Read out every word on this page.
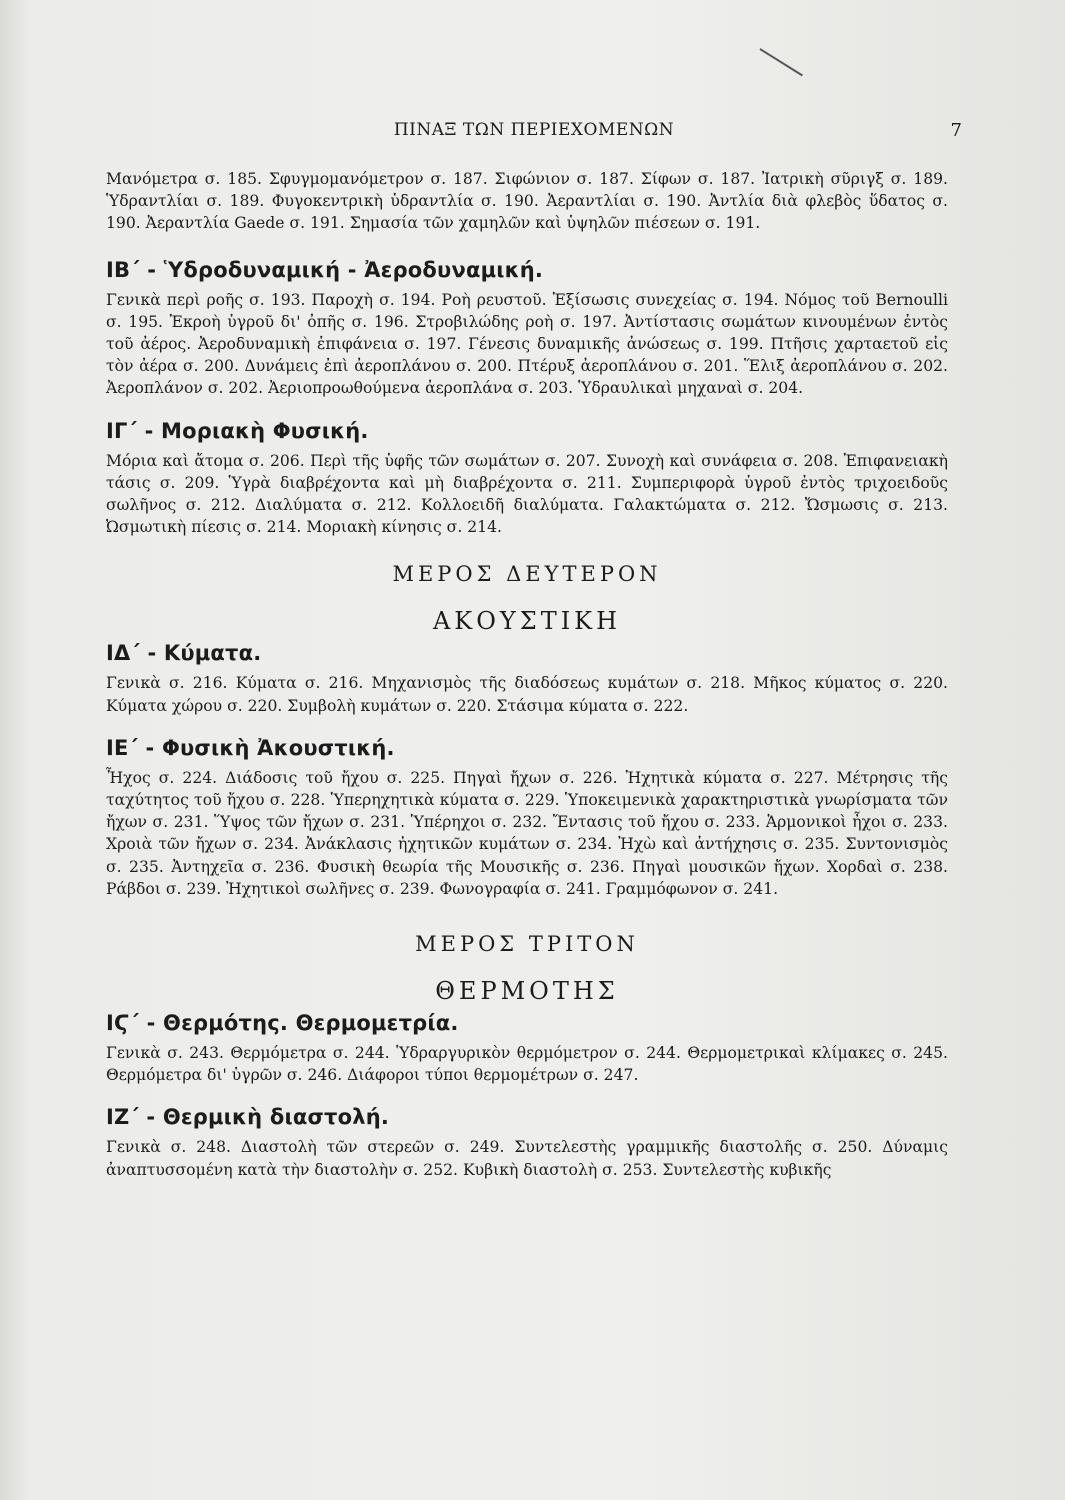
ΠΙΝΑΞ ΤΩΝ ΠΕΡΙΕΧΟΜΕΝΩΝ	7

Μανόμετρα σ. 185. Σφυγμομανόμετρον σ. 187. Σιφώνιον σ. 187. Σίφων σ. 187. Ἰατρικὴ σῦριγξ σ. 189. Ὑδραντλίαι σ. 189. Φυγοκεντρικὴ ὑδραντλία σ. 190. Ἀεραντλίαι σ. 190. Ἀντλία διὰ φλεβὸς ὕδατος σ. 190. Ἀεραντλία Gaede σ. 191. Σημασία τῶν χαμηλῶν καὶ ὑψηλῶν πιέσεων σ. 191.

ΙΒ΄ - Ὑδροδυναμική - Ἀεροδυναμική.

Γενικὰ περὶ ροῆς σ. 193. Παροχὴ σ. 194. Ροὴ ρευστοῦ. Ἐξίσωσις συνεχείας σ. 194. Νόμος τοῦ Bernoulli σ. 195. Ἐκροὴ ὑγροῦ δι' ὀπῆς σ. 196. Στροβιλώδης ροὴ σ. 197. Ἀντίστασις σωμάτων κινουμένων ἐντὸς τοῦ ἀέρος. Ἀεροδυναμικὴ ἐπιφάνεια σ. 197. Γένεσις δυναμικῆς ἀνώσεως σ. 199. Πτῆσις χαρταετοῦ εἰς τὸν ἀέρα σ. 200. Δυνάμεις ἐπὶ ἀεροπλάνου σ. 200. Πτέρυξ ἀεροπλάνου σ. 201. Ἕλιξ ἀεροπλάνου σ. 202. Ἀεροπλάνον σ. 202. Ἀεριοπροωθούμενα ἀεροπλάνα σ. 203. Ὑδραυλικαὶ μηχαναὶ σ. 204.

ΙΓ΄ - Μοριακὴ Φυσική.

Μόρια καὶ ἄτομα σ. 206. Περὶ τῆς ὑφῆς τῶν σωμάτων σ. 207. Συνοχὴ καὶ συνάφεια σ. 208. Ἐπιφανειακὴ τάσις σ. 209. Ὑγρὰ διαβρέχοντα καὶ μὴ διαβρέχοντα σ. 211. Συμπεριφορὰ ὑγροῦ ἐντὸς τριχοειδοῦς σωλῆνος σ. 212. Διαλύματα σ. 212. Κολλοειδῆ διαλύματα. Γαλακτώματα σ. 212. Ὤσμωσις σ. 213. Ὠσμωτικὴ πίεσις σ. 214. Μοριακὴ κίνησις σ. 214.

ΜΕΡΟΣ ΔΕΥΤΕΡΟΝ
ΑΚΟΥΣΤΙΚΗ
ΙΔ΄ - Κύματα.

Γενικὰ σ. 216. Κύματα σ. 216. Μηχανισμὸς τῆς διαδόσεως κυμάτων σ. 218. Μῆκος κύματος σ. 220. Κύματα χώρου σ. 220. Συμβολὴ κυμάτων σ. 220. Στάσιμα κύματα σ. 222.

ΙΕ΄ - Φυσικὴ Ἀκουστική.

Ἦχος σ. 224. Διάδοσις τοῦ ἤχου σ. 225. Πηγαὶ ἤχων σ. 226. Ἠχητικὰ κύματα σ. 227. Μέτρησις τῆς ταχύτητος τοῦ ἤχου σ. 228. Ὑπερηχητικὰ κύματα σ. 229. Ὑποκειμενικὰ χαρακτηριστικὰ γνωρίσματα τῶν ἤχων σ. 231. Ὕψος τῶν ἤχων σ. 231. Ὑπέρηχοι σ. 232. Ἔντασις τοῦ ἤχου σ. 233. Ἁρμονικοὶ ἦχοι σ. 233. Χροιὰ τῶν ἤχων σ. 234. Ἀνάκλασις ἠχητικῶν κυμάτων σ. 234. Ἠχὼ καὶ ἀντήχησις σ. 235. Συντονισμὸς σ. 235. Ἀντηχεῖα σ. 236. Φυσικὴ θεωρία τῆς Μουσικῆς σ. 236. Πηγαὶ μουσικῶν ἤχων. Χορδαὶ σ. 238. Ράβδοι σ. 239. Ἠχητικοὶ σωλῆνες σ. 239. Φωνογραφία σ. 241. Γραμμόφωνον σ. 241.

ΜΕΡΟΣ ΤΡΙΤΟΝ
ΘΕΡΜΟΤΗΣ
ΙϚ΄ - Θερμότης. Θερμομετρία.

Γενικὰ σ. 243. Θερμόμετρα σ. 244. Ὑδραργυρικὸν θερμόμετρον σ. 244. Θερμομετρικαὶ κλίμακες σ. 245. Θερμόμετρα δι' ὑγρῶν σ. 246. Διάφοροι τύποι θερμομέτρων σ. 247.

ΙΖ΄ - Θερμικὴ διαστολή.

Γενικὰ σ. 248. Διαστολὴ τῶν στερεῶν σ. 249. Συντελεστὴς γραμμικῆς διαστολῆς σ. 250. Δύναμις ἀναπτυσσομένη κατὰ τὴν διαστολὴν σ. 252. Κυβικὴ διαστολὴ σ. 253. Συντελεστὴς κυβικῆς
